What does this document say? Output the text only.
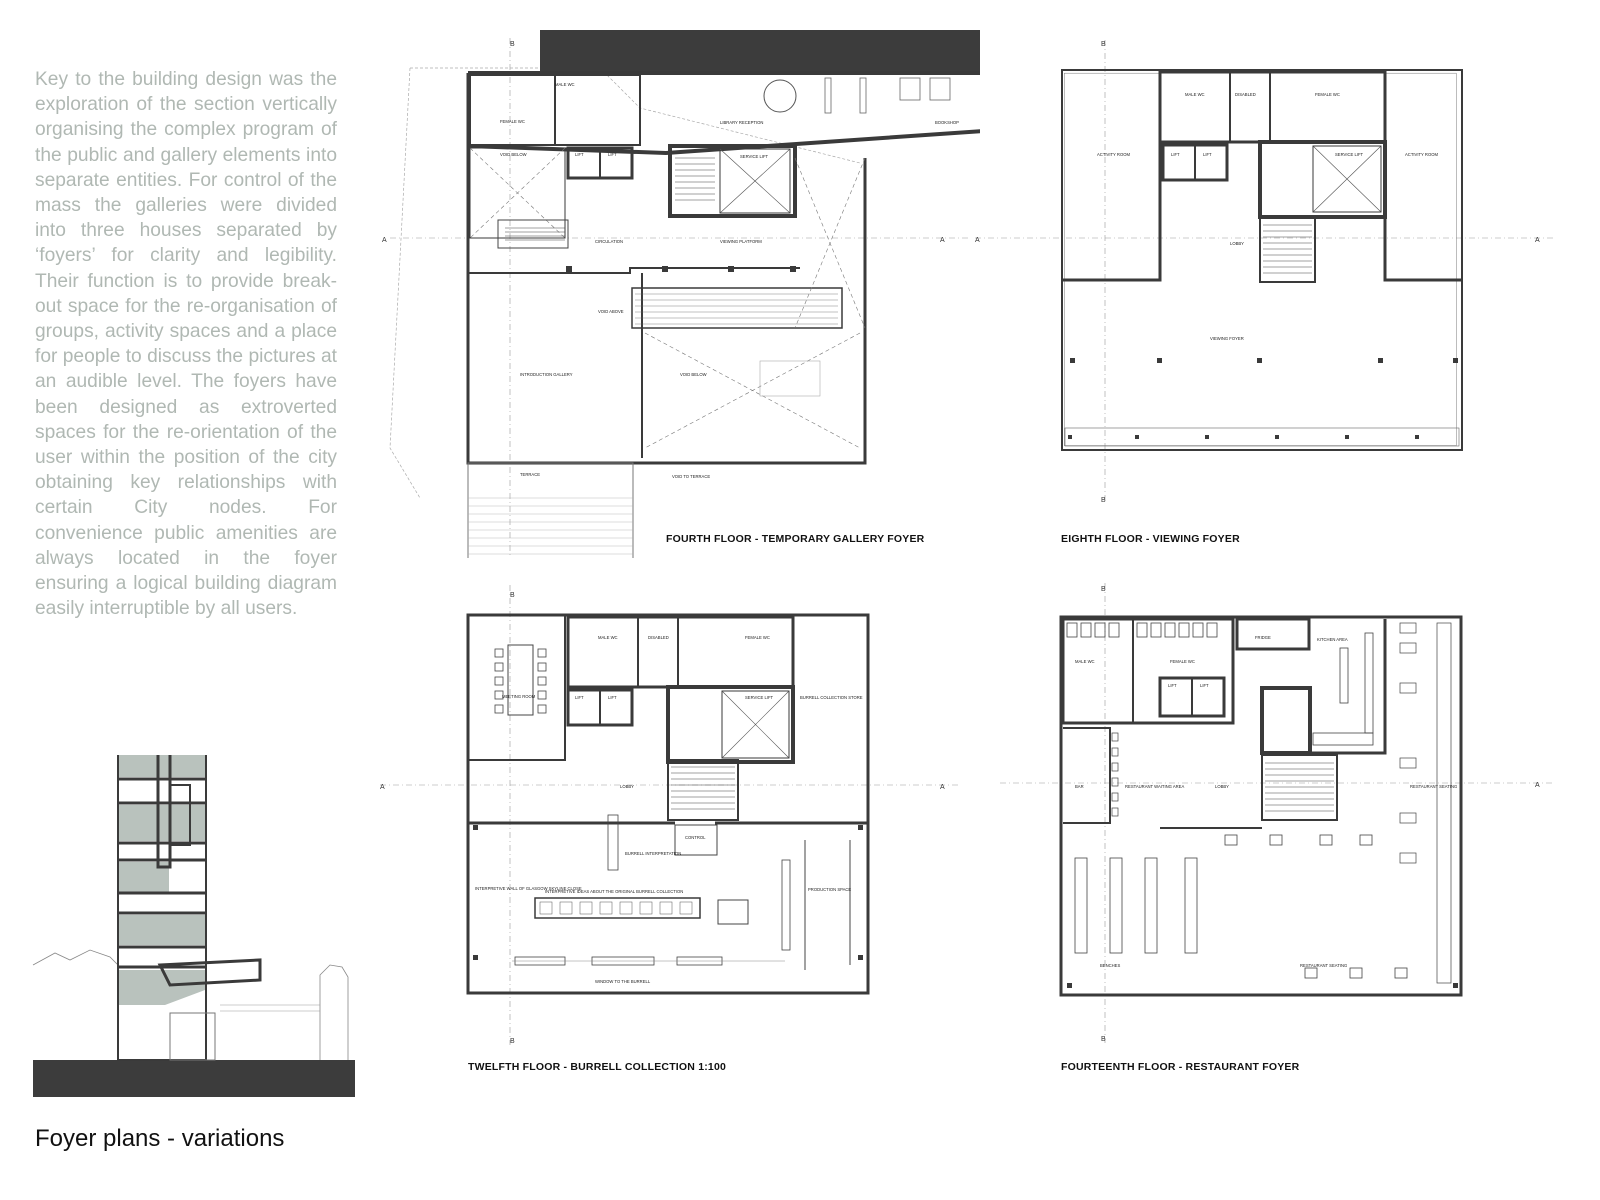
Key to the building design was the exploration of the section vertically organising the complex program of the public and gallery elements into separate entities. For control of the mass the galleries were divided into three houses separated by ‘foyers’ for clarity and legibility. Their function is to provide break-out space for the re-organisation of groups, activity spaces and a place for people to discuss the pictures at an audible level. The foyers have been designed as extroverted spaces for the re-orientation of the user within the position of the city obtaining key relationships with certain City nodes. For convenience public amenities are always located in the foyer ensuring a logical building diagram easily interruptible by all users.
Foyer plans - variations
A	A
B
MALE WC
FEMALE WC	LIBRARY RECEPTION	BOOKSHOP
VOID BELOW	LIFT	LIFT	SERVICE LIFT
CIRCULATION	VIEWING PLATFORM
VOID ABOVE
INTRODUCTION GALLERY	VOID BELOW
TERRACE	VOID TO TERRACE
FOURTH FLOOR - TEMPORARY GALLERY FOYER
A	A
B
B
MALE WC	DISABLED	FEMALE WC
ACTIVITY ROOM	ACTIVITY ROOM
LIFT	LIFT	SERVICE LIFT
LOBBY
VIEWING FOYER
EIGHTH FLOOR - VIEWING FOYER
A	A
B
B
MEETING ROOM
MALE WC	DISABLED	FEMALE WC
LIFT	LIFT	SERVICE LIFT	BURRELL COLLECTION STORE
LOBBY
CONTROL
BURRELL INTERPRETATION
INTERPRETIVE WALL OF GLASGOW SKYLINE CLOSE
INTERPRETIVE IDEAS ABOUT THE ORIGINAL BURRELL COLLECTION	PRODUCTION SPACE
WINDOW TO THE BURRELL
TWELFTH FLOOR - BURRELL COLLECTION 1:100
A
B
B
MALE WC	FEMALE WC
FRIDGE	KITCHEN AREA
LIFT	LIFT
BAR	RESTAURANT WAITING AREA	LOBBY	RESTAURANT SEATING
BENCHES	RESTAURANT SEATING
FOURTEENTH FLOOR - RESTAURANT FOYER
